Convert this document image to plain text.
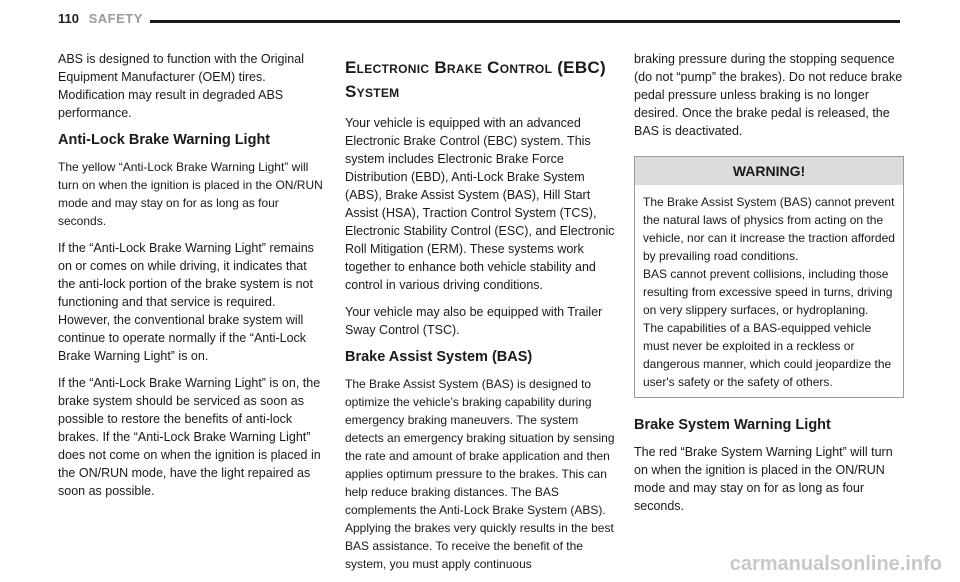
110 SAFETY

ABS is designed to function with the Original Equipment Manufacturer (OEM) tires. Modification may result in degraded ABS performance.

Anti-Lock Brake Warning Light

The yellow “Anti-Lock Brake Warning Light” will turn on when the ignition is placed in the ON/RUN mode and may stay on for as long as four seconds.

If the “Anti-Lock Brake Warning Light” remains on or comes on while driving, it indicates that the anti-lock portion of the brake system is not functioning and that service is required. However, the conventional brake system will continue to operate normally if the “Anti-Lock Brake Warning Light” is on.

If the “Anti-Lock Brake Warning Light” is on, the brake system should be serviced as soon as possible to restore the benefits of anti-lock brakes. If the “Anti-Lock Brake Warning Light” does not come on when the ignition is placed in the ON/RUN mode, have the light repaired as soon as possible.

Electronic Brake Control (EBC) System

Your vehicle is equipped with an advanced Electronic Brake Control (EBC) system. This system includes Electronic Brake Force Distribution (EBD), Anti-Lock Brake System (ABS), Brake Assist System (BAS), Hill Start Assist (HSA), Traction Control System (TCS), Electronic Stability Control (ESC), and Electronic Roll Mitigation (ERM). These systems work together to enhance both vehicle stability and control in various driving conditions.

Your vehicle may also be equipped with Trailer Sway Control (TSC).

Brake Assist System (BAS)

The Brake Assist System (BAS) is designed to optimize the vehicle’s braking capability during emergency braking maneuvers. The system detects an emergency braking situation by sensing the rate and amount of brake application and then applies optimum pressure to the brakes. This can help reduce braking distances. The BAS complements the Anti-Lock Brake System (ABS). Applying the brakes very quickly results in the best BAS assistance. To receive the benefit of the system, you must apply continuous

braking pressure during the stopping sequence (do not “pump” the brakes). Do not reduce brake pedal pressure unless braking is no longer desired. Once the brake pedal is released, the BAS is deactivated.

WARNING!

The Brake Assist System (BAS) cannot prevent the natural laws of physics from acting on the vehicle, nor can it increase the traction afforded by prevailing road conditions.

BAS cannot prevent collisions, including those resulting from excessive speed in turns, driving on very slippery surfaces, or hydroplaning.

The capabilities of a BAS-equipped vehicle must never be exploited in a reckless or dangerous manner, which could jeopardize the user's safety or the safety of others.

Brake System Warning Light

The red “Brake System Warning Light” will turn on when the ignition is placed in the ON/RUN mode and may stay on for as long as four seconds.

carmanualsonline.info
